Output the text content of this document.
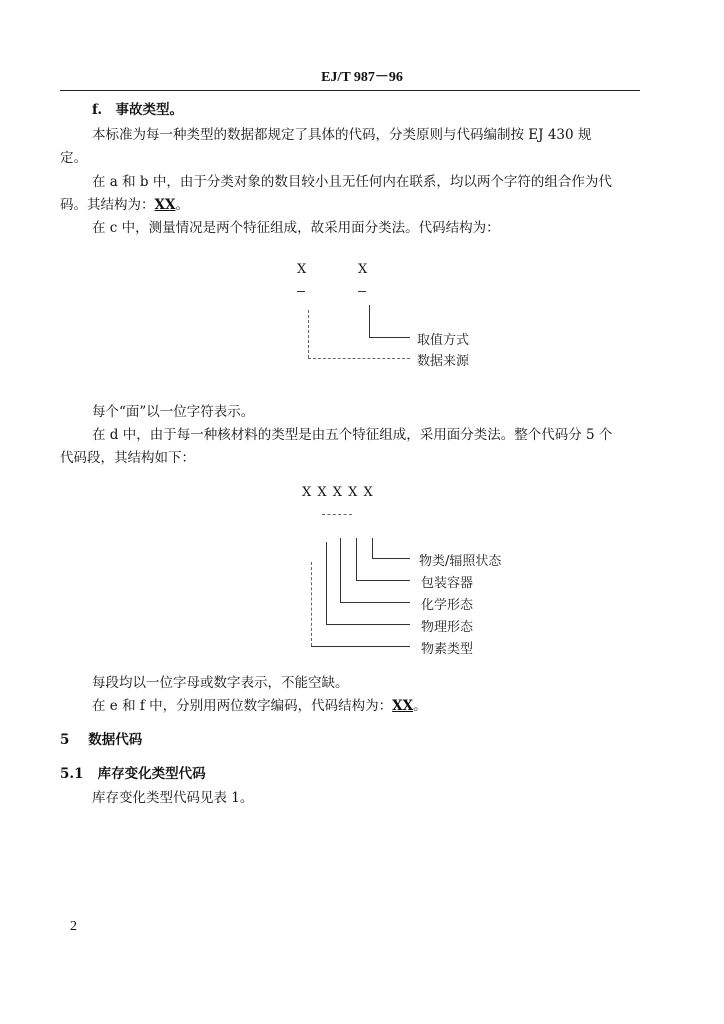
EJ/T 987－96
f.　事故类型。
本标准为每一种类型的数据都规定了具体的代码，分类原则与代码编制按 EJ 430 规
定。
在 a 和 b 中，由于分类对象的数目较小且无任何内在联系，均以两个字符的组合作为代
码。其结构为：XX。
在 c 中，测量情况是两个特征组成，故采用面分类法。代码结构为：
X	X
取值方式
数据来源
每个“面”以一位字符表示。
在 d 中，由于每一种核材料的类型是由五个特征组成，采用面分类法。整个代码分 5 个
代码段，其结构如下：
X X X X X
物类/辐照状态
包装容器
化学形态
物理形态
物素类型
每段均以一位字母或数字表示，不能空缺。
在 e 和 f 中，分别用两位数字编码，代码结构为：XX。
5 数据代码
5.1 库存变化类型代码
库存变化类型代码见表 1。
2
